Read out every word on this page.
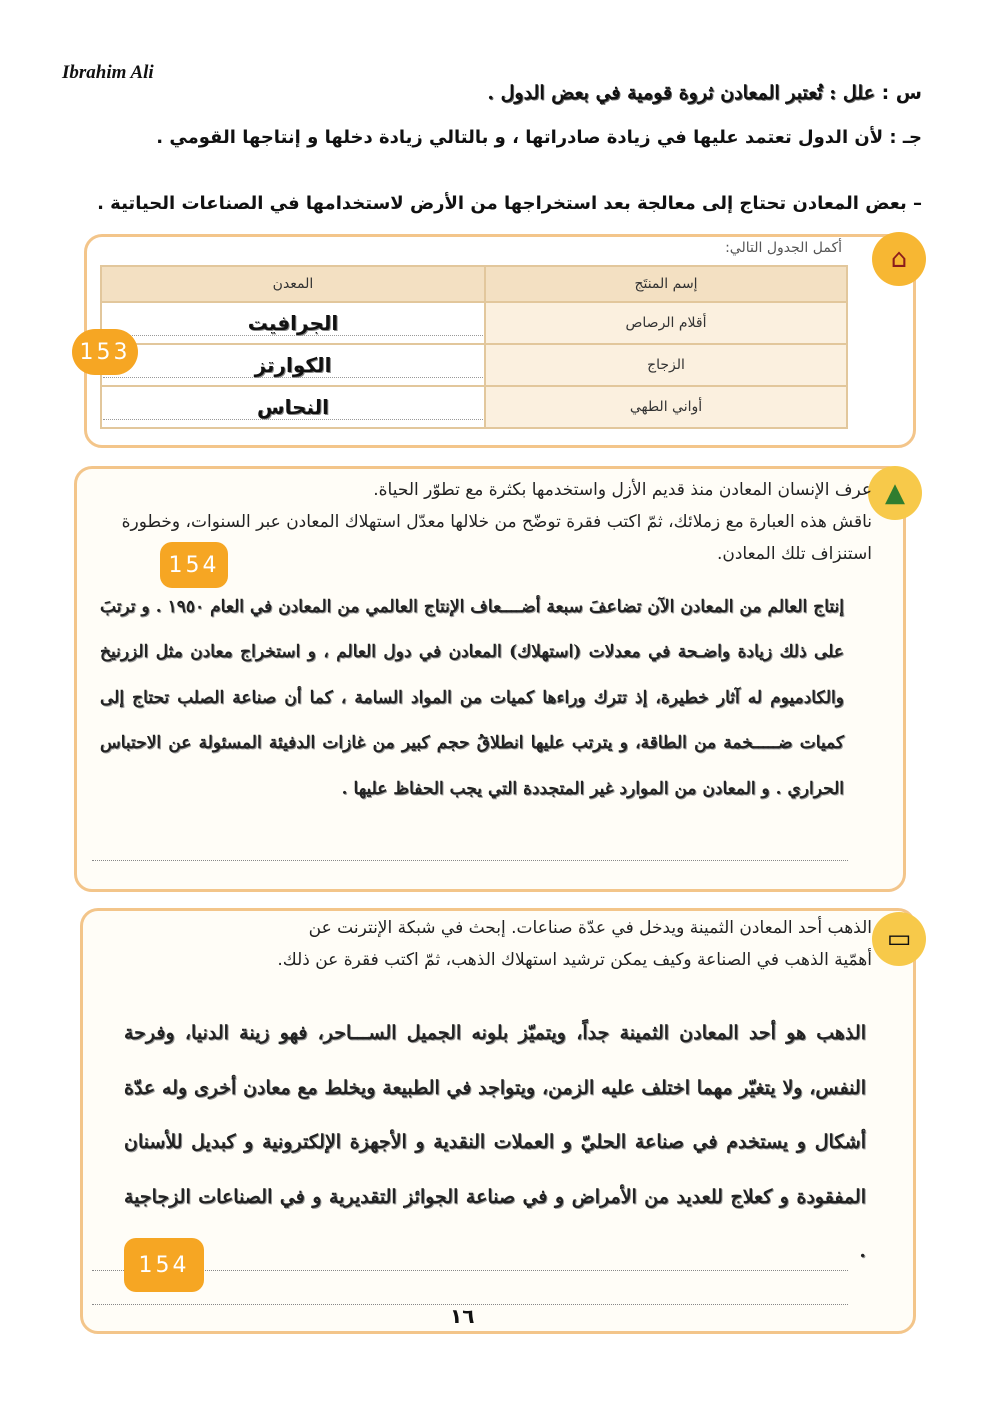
Ibrahim Ali
س : علل : تُعتبر المعادن ثروة قومية في بعض الدول .
جـ : لأن الدول تعتمد عليها في زيادة صادراتها ، و بالتالي زيادة دخلها و إنتاجها القومي .
– بعض المعادن تحتاج إلى معالجة بعد استخراجها من الأرض لاستخدامها في الصناعات الحياتية .
⌂
أكمل الجدول التالي:
إسم المنتَج	المعدن
أقلام الرصاص	الجرافيت
الزجاج	الكوارتز
أواني الطهي	النحاس
153
▲
عرف الإنسان المعادن منذ قديم الأزل واستخدمها بكثرة مع تطوّر الحياة.
ناقش هذه العبارة مع زملائك، ثمّ اكتب فقرة توضّح من خلالها معدّل استهلاك المعادن عبر السنوات، وخطورة استنزاف تلك المعادن.
154
إنتاج العالم من المعادن الآن تضاعفَ سبعة أضــــعاف الإنتاج العالمي من المعادن في العام ١٩٥٠ . و ترتبَ على ذلك زيادة واضـحة في معدلات (استهلاك) المعادن في دول العالم ، و استخراج معادن مثل الزرنيخ والكادميوم له آثار خطيرة، إذ تترك وراءها كميات من المواد السامة ، كما أن صناعة الصلب تحتاج إلى كميات ضـــــخمة من الطاقة، و يترتب عليها انطلاقُ حجم كبير من غازات الدفيئة المسئولة عن الاحتباس الحراري . و المعادن من الموارد غير المتجددة التي يجب الحفاظ عليها .
▭
الذهب أحد المعادن الثمينة ويدخل في عدّة صناعات. إبحث في شبكة الإنترنت عن
أهمّية الذهب في الصناعة وكيف يمكن ترشيد استهلاك الذهب، ثمّ اكتب فقرة عن ذلك.
الذهب هو أحد المعادن الثمينة جداً، ويتميّز بلونه الجميل الســـاحر، فهو زينة الدنيا، وفرحة النفس، ولا يتغيّر مهما اختلف عليه الزمن، ويتواجد في الطبيعة ويخلط مع معادن أخرى وله عدّة أشكال و يستخدم في صناعة الحليّ و العملات النقدية و الأجهزة الإلكترونية و كبديل للأسنان المفقودة و كعلاج للعديد من الأمراض و في صناعة الجوائز التقديرية و في الصناعات الزجاجية .
154
١٦
